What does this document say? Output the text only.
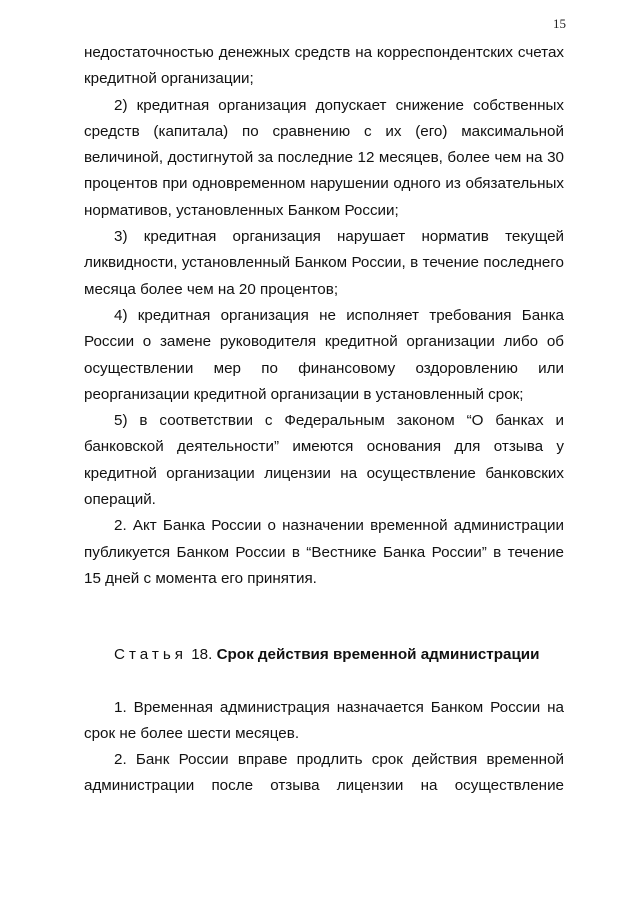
15

недостаточностью денежных средств на корреспондентских счетах кредитной организации;

2) кредитная организация допускает снижение собственных средств (капитала) по сравнению с их (его) максимальной величиной, достигнутой за последние 12 месяцев, более чем на 30 процентов при одновременном нарушении одного из обязательных нормативов, установленных Банком России;

3) кредитная организация нарушает норматив текущей ликвидности, установленный Банком России, в течение последнего месяца более чем на 20 процентов;

4) кредитная организация не исполняет требования Банка России о замене руководителя кредитной организации либо об осуществлении мер по финансовому оздоровлению или реорганизации кредитной организации в установленный срок;

5) в соответствии с Федеральным законом “О банках и банковской деятельности” имеются основания для отзыва у кредитной организации лицензии на осуществление банковских операций.

2. Акт Банка России о назначении временной администрации публикуется Банком России в “Вестнике Банка России” в течение 15 дней с момента его принятия.

Статья 18. Срок действия временной администрации

1. Временная администрация назначается Банком России на срок не более шести месяцев.

2. Банк России вправе продлить срок действия временной администрации после отзыва лицензии на осуществление
